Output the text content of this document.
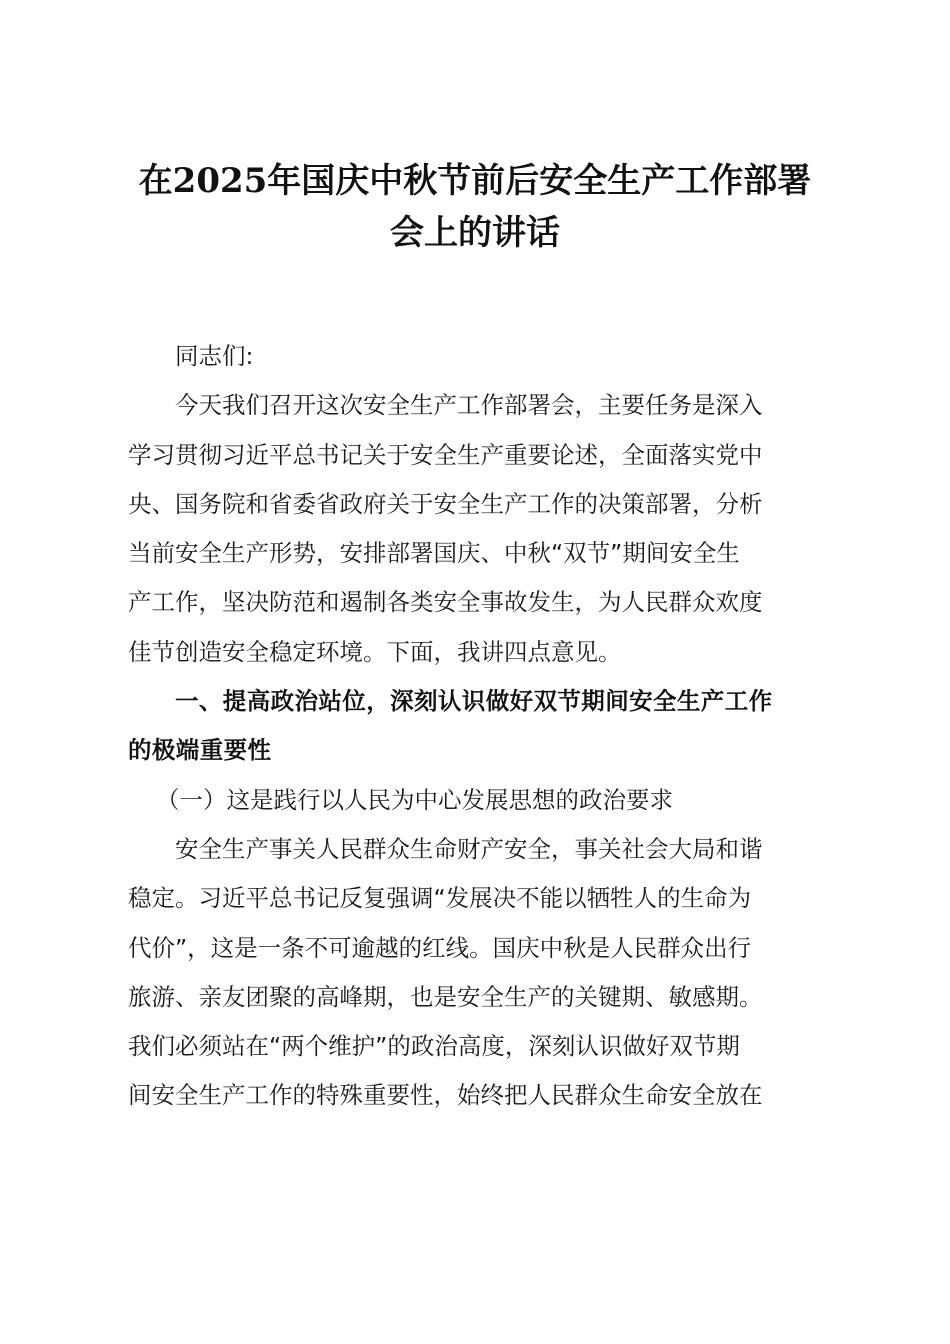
在2025年国庆中秋节前后安全生产工作部署
会上的讲话
同志们:
今天我们召开这次安全生产工作部署会，主要任务是深入
学习贯彻习近平总书记关于安全生产重要论述，全面落实党中
央、国务院和省委省政府关于安全生产工作的决策部署，分析
当前安全生产形势，安排部署国庆、中秋“双节”期间安全生
产工作，坚决防范和遏制各类安全事故发生，为人民群众欢度
佳节创造安全稳定环境。下面，我讲四点意见。
一、提高政治站位，深刻认识做好双节期间安全生产工作
的极端重要性
（一）这是践行以人民为中心发展思想的政治要求
安全生产事关人民群众生命财产安全，事关社会大局和谐
稳定。习近平总书记反复强调“发展决不能以牺牲人的生命为
代价”，这是一条不可逾越的红线。国庆中秋是人民群众出行
旅游、亲友团聚的高峰期，也是安全生产的关键期、敏感期。
我们必须站在“两个维护”的政治高度，深刻认识做好双节期
间安全生产工作的特殊重要性，始终把人民群众生命安全放在
